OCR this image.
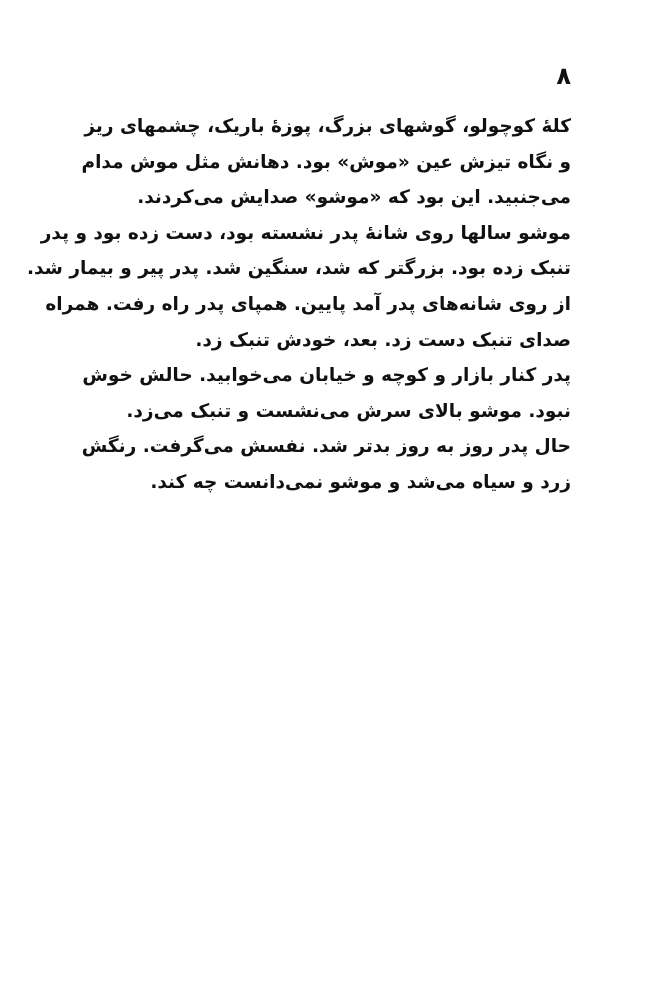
۸
کلهٔ کوچولو، گوشهای بزرگ، پوزهٔ باریک، چشمهای ریز
و نگاه تیزش عین «موش» بود. دهانش مثل موش مدام
می‌جنبید. این بود که «موشو» صدایش می‌کردند.
موشو سالها روی شانهٔ پدر نشسته بود، دست زده بود و پدر
تنبک زده بود. بزرگتر که شد، سنگین شد. پدر پیر و بیمار شد.
از روی شانه‌های پدر آمد پایین. همپای پدر راه رفت. همراه
صدای تنبک دست زد. بعد، خودش تنبک زد.
پدر کنار بازار و کوچه و خیابان می‌خوابید. حالش خوش
نبود. موشو بالای سرش می‌نشست و تنبک می‌زد.
حال پدر روز به روز بدتر شد. نفسش می‌گرفت. رنگش
زرد و سیاه می‌شد و موشو نمی‌دانست چه کند.
